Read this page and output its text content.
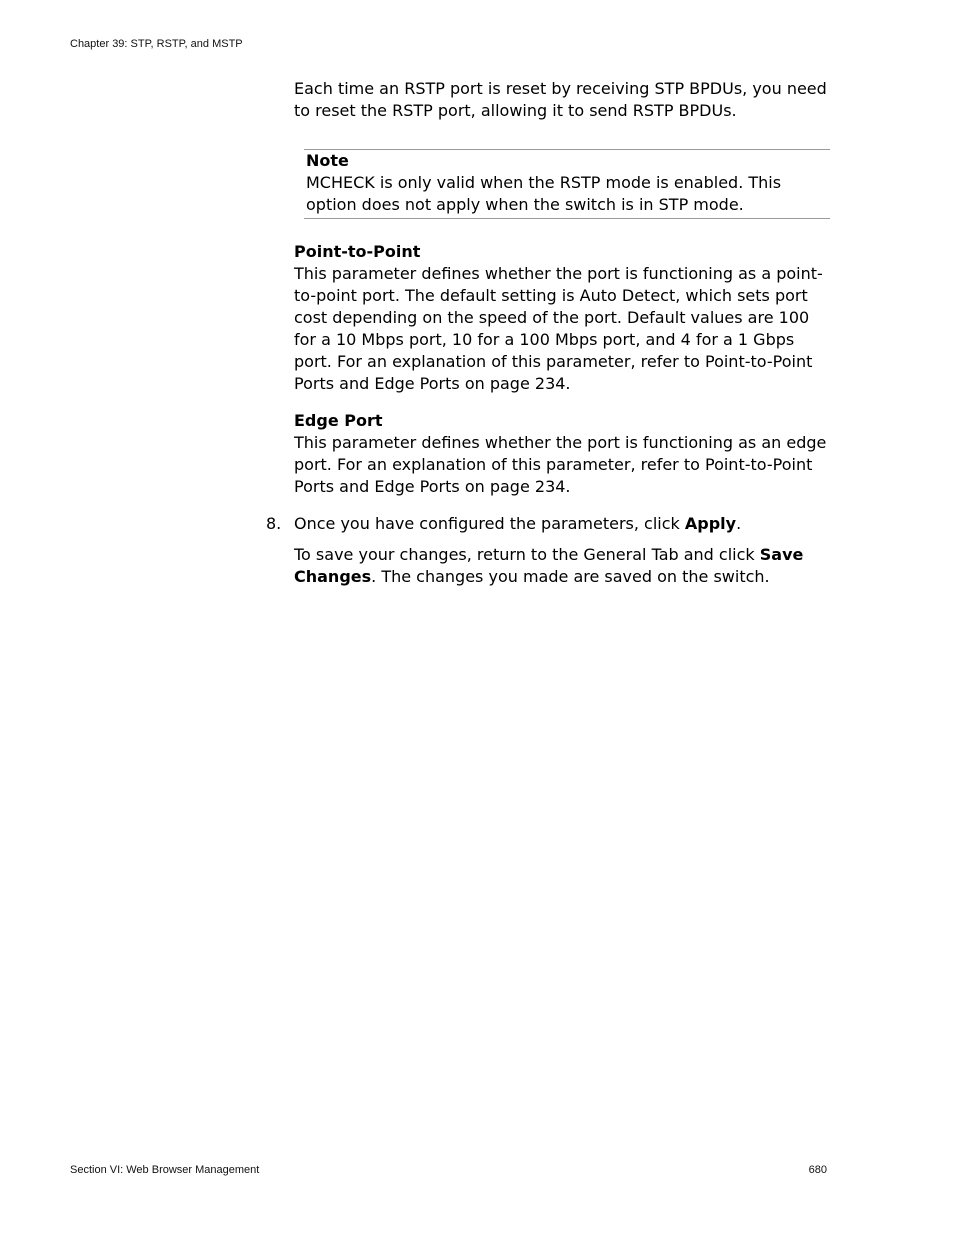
Chapter 39: STP, RSTP, and MSTP

Each time an RSTP port is reset by receiving STP BPDUs, you need to reset the RSTP port, allowing it to send RSTP BPDUs.

Note
MCHECK is only valid when the RSTP mode is enabled. This option does not apply when the switch is in STP mode.
Point-to-Point

This parameter defines whether the port is functioning as a point-to-point port. The default setting is Auto Detect, which sets port cost depending on the speed of the port. Default values are 100 for a 10 Mbps port, 10 for a 100 Mbps port, and 4 for a 1 Gbps port. For an explanation of this parameter, refer to Point-to-Point Ports and Edge Ports on page 234.

Edge Port

This parameter defines whether the port is functioning as an edge port. For an explanation of this parameter, refer to Point-to-Point Ports and Edge Ports on page 234.

8. Once you have configured the parameters, click Apply.

To save your changes, return to the General Tab and click Save Changes. The changes you made are saved on the switch.

Section VI: Web Browser Management	680
